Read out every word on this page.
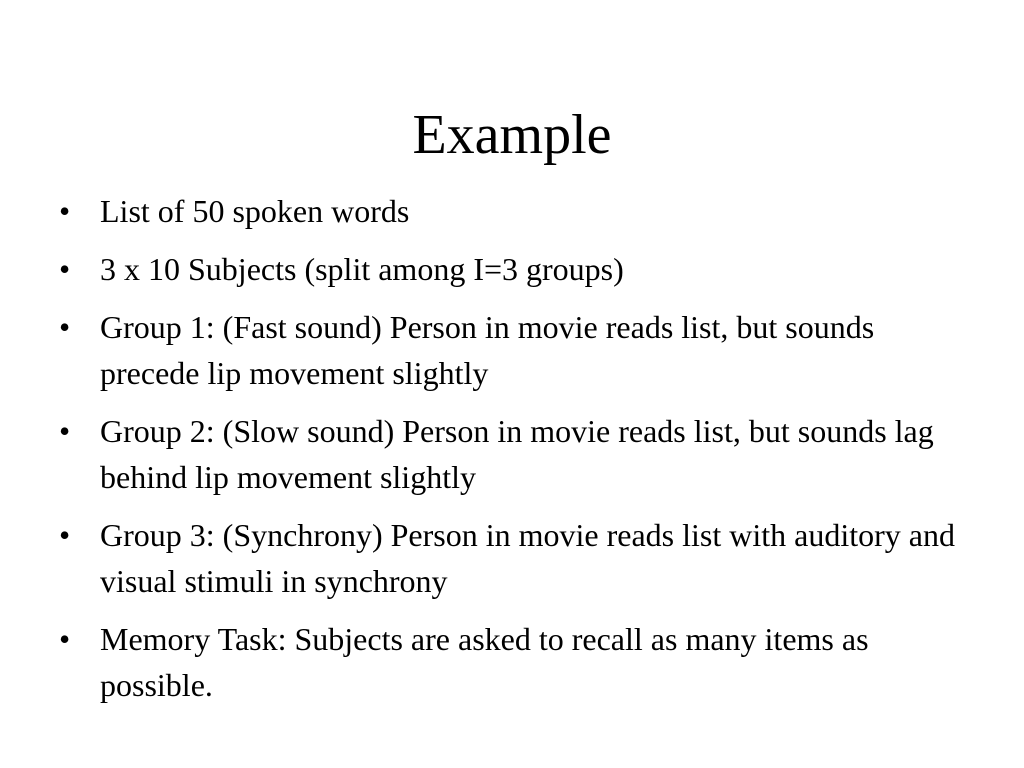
Example
• List of 50 spoken words
• 3 x 10 Subjects (split among I=3 groups)
• Group 1: (Fast sound) Person in movie reads list, but sounds precede lip movement slightly
• Group 2: (Slow sound) Person in movie reads list, but sounds lag behind lip movement slightly
• Group 3: (Synchrony) Person in movie reads list with auditory and visual stimuli in synchrony
• Memory Task: Subjects are asked to recall as many items as possible.
